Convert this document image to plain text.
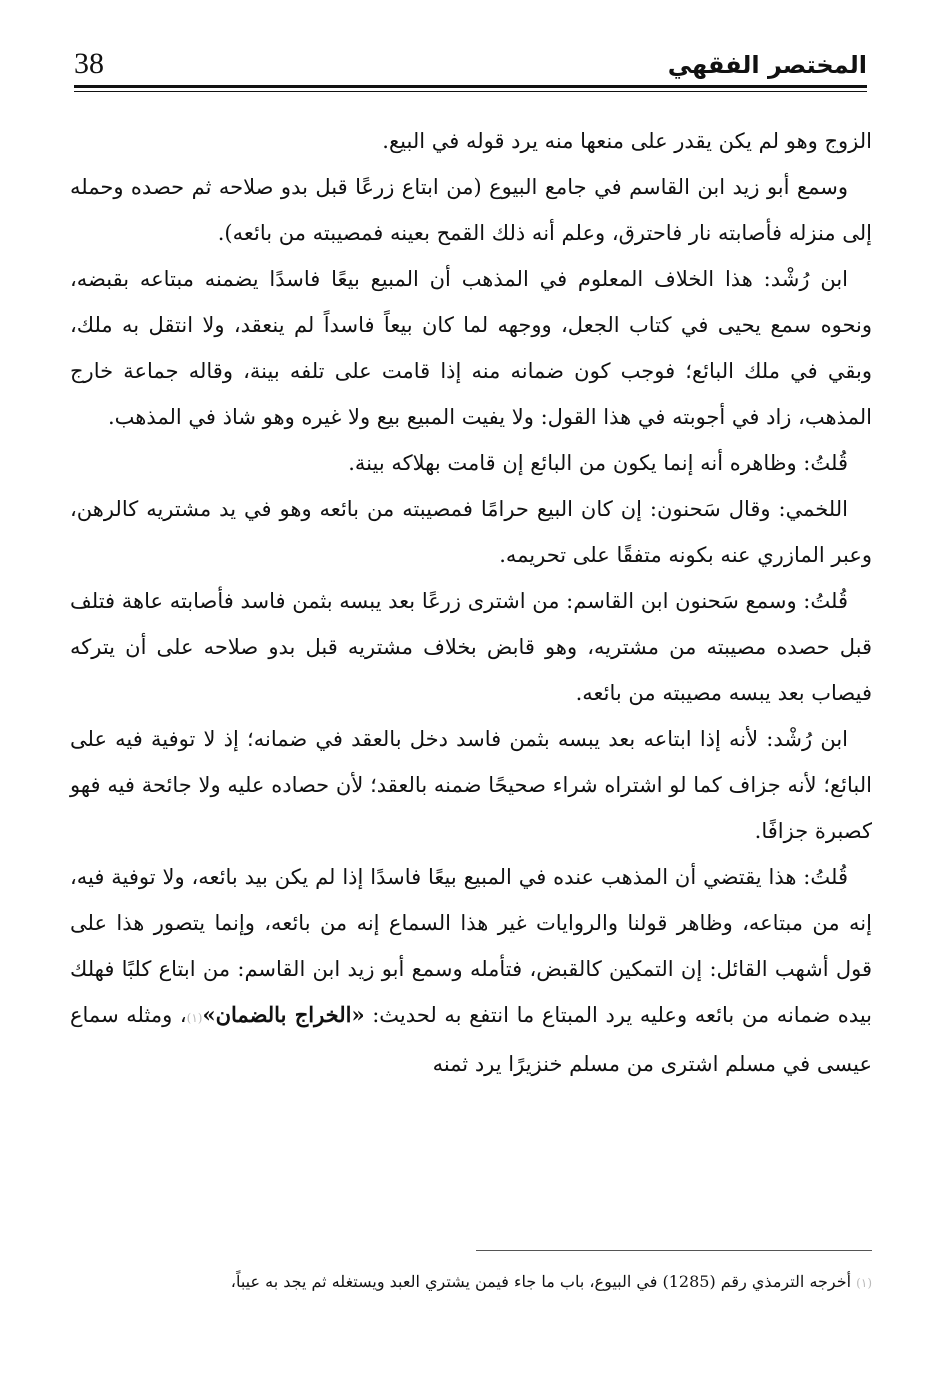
38	المختصر الفقهي

الزوج وهو لم يكن يقدر على منعها منه يرد قوله في البيع.

وسمع أبو زيد ابن القاسم في جامع البيوع (من ابتاع زرعًا قبل بدو صلاحه ثم حصده وحمله إلى منزله فأصابته نار فاحترق، وعلم أنه ذلك القمح بعينه فمصيبته من بائعه).

ابن رُشْد: هذا الخلاف المعلوم في المذهب أن المبيع بيعًا فاسدًا يضمنه مبتاعه بقبضه، ونحوه سمع يحيى في كتاب الجعل، ووجهه لما كان بيعاً فاسداً لم ينعقد، ولا انتقل به ملك، وبقي في ملك البائع؛ فوجب كون ضمانه منه إذا قامت على تلفه بينة، وقاله جماعة خارج المذهب، زاد في أجوبته في هذا القول: ولا يفيت المبيع بيع ولا غيره وهو شاذ في المذهب.

قُلتُ: وظاهره أنه إنما يكون من البائع إن قامت بهلاكه بينة.

اللخمي: وقال سَحنون: إن كان البيع حرامًا فمصيبته من بائعه وهو في يد مشتريه كالرهن، وعبر المازري عنه بكونه متفقًا على تحريمه.

قُلتُ: وسمع سَحنون ابن القاسم: من اشترى زرعًا بعد يبسه بثمن فاسد فأصابته عاهة فتلف قبل حصده مصيبته من مشتريه، وهو قابض بخلاف مشتريه قبل بدو صلاحه على أن يتركه فيصاب بعد يبسه مصيبته من بائعه.

ابن رُشْد: لأنه إذا ابتاعه بعد يبسه بثمن فاسد دخل بالعقد في ضمانه؛ إذ لا توفية فيه على البائع؛ لأنه جزاف كما لو اشتراه شراء صحيحًا ضمنه بالعقد؛ لأن حصاده عليه ولا جائحة فيه فهو كصبرة جزافًا.

قُلتُ: هذا يقتضي أن المذهب عنده في المبيع بيعًا فاسدًا إذا لم يكن بيد بائعه، ولا توفية فيه، إنه من مبتاعه، وظاهر قولنا والروايات غير هذا السماع إنه من بائعه، وإنما يتصور هذا على قول أشهب القائل: إن التمكين كالقبض، فتأمله وسمع أبو زيد ابن القاسم: من ابتاع كلبًا فهلك بيده ضمانه من بائعه وعليه يرد المبتاع ما انتفع به لحديث: «الخراج بالضمان»(١)، ومثله سماع عيسى في مسلم اشترى من مسلم خنزيرًا يرد ثمنه

(١) أخرجه الترمذي رقم (1285) في البيوع، باب ما جاء فيمن يشتري العبد ويستغله ثم يجد به عيباً،
